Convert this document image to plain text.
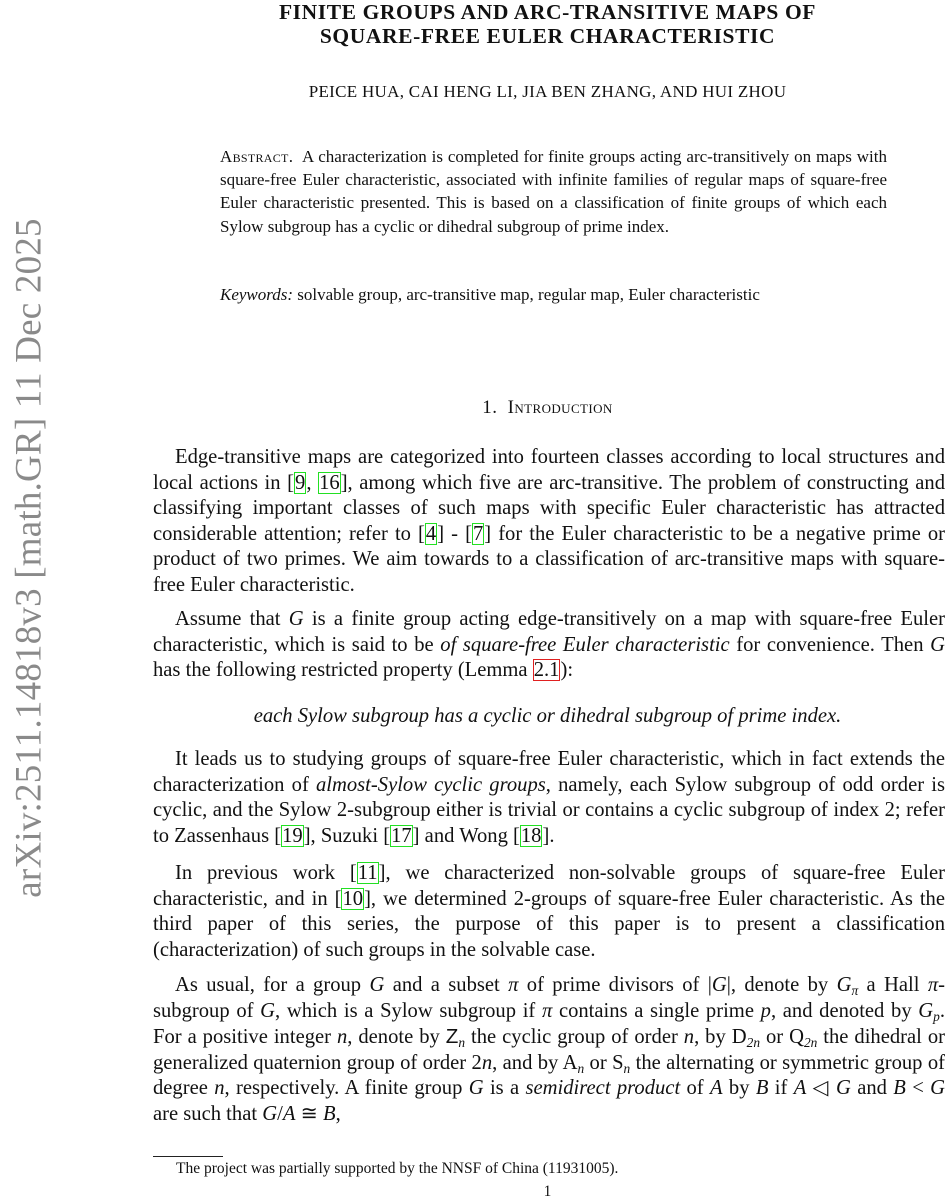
arXiv:2511.14818v3 [math.GR] 11 Dec 2025
FINITE GROUPS AND ARC-TRANSITIVE MAPS OF
SQUARE-FREE EULER CHARACTERISTIC
PEICE HUA, CAI HENG LI, JIA BEN ZHANG, AND HUI ZHOU
Abstract. A characterization is completed for finite groups acting arc-transitively on maps with square-free Euler characteristic, associated with infinite families of regular maps of square-free Euler characteristic presented. This is based on a classification of finite groups of which each Sylow subgroup has a cyclic or dihedral subgroup of prime index.
Keywords: solvable group, arc-transitive map, regular map, Euler characteristic
1. Introduction
Edge-transitive maps are categorized into fourteen classes according to local structures and local actions in [9, 16], among which five are arc-transitive. The problem of constructing and classifying important classes of such maps with specific Euler characteristic has attracted considerable attention; refer to [4] - [7] for the Euler characteristic to be a negative prime or product of two primes. We aim towards to a classification of arc-transitive maps with square-free Euler characteristic.
Assume that G is a finite group acting edge-transitively on a map with square-free Euler characteristic, which is said to be of square-free Euler characteristic for convenience. Then G has the following restricted property (Lemma 2.1):
each Sylow subgroup has a cyclic or dihedral subgroup of prime index.
It leads us to studying groups of square-free Euler characteristic, which in fact extends the characterization of almost-Sylow cyclic groups, namely, each Sylow subgroup of odd order is cyclic, and the Sylow 2-subgroup either is trivial or contains a cyclic subgroup of index 2; refer to Zassenhaus [19], Suzuki [17] and Wong [18].
In previous work [11], we characterized non-solvable groups of square-free Euler characteristic, and in [10], we determined 2-groups of square-free Euler characteristic. As the third paper of this series, the purpose of this paper is to present a classification (characterization) of such groups in the solvable case.
As usual, for a group G and a subset π of prime divisors of |G|, denote by $G_\pi$ a Hall π-subgroup of G, which is a Sylow subgroup if π contains a single prime p, and denoted by $G_p$. For a positive integer n, denote by $Z_n$ the cyclic group of order n, by $D_{2n}$ or $Q_{2n}$ the dihedral or generalized quaternion group of order 2n, and by $A_n$ or $S_n$ the alternating or symmetric group of degree n, respectively. A finite group G is a semidirect product of A by B if A ◁ G and B < G are such that G/A ≅ B,
The project was partially supported by the NNSF of China (11931005).
1
